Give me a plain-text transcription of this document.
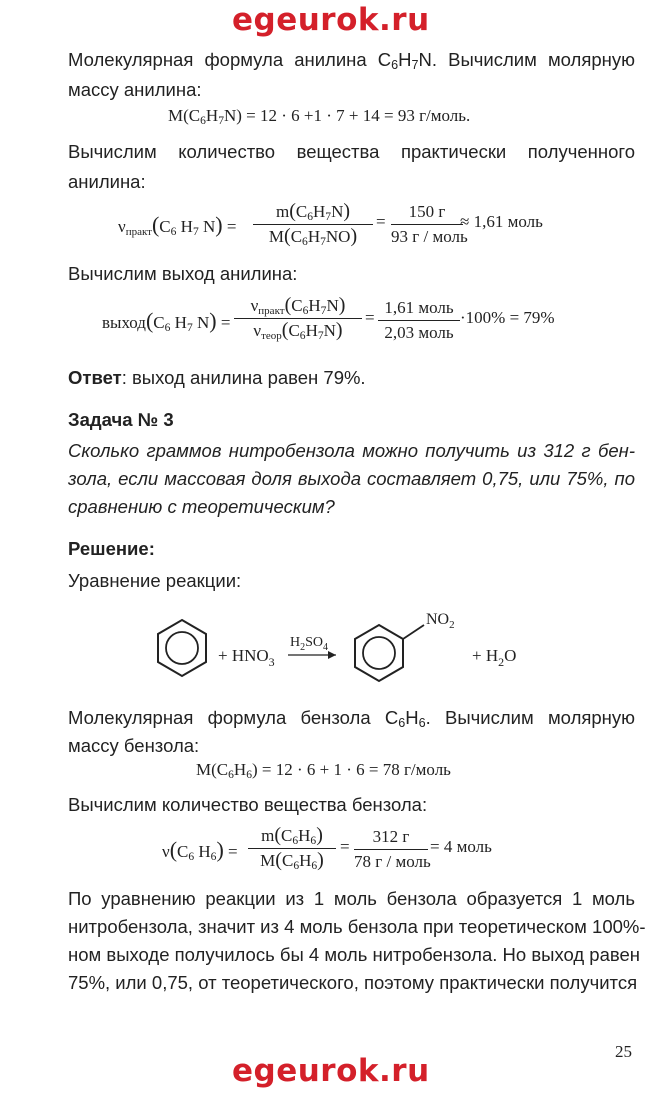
egeurok.ru
Молекулярная формула анилина $C_6H_7N$. Вычислим молярную
массу анилина:
$M(C_6H_7N) = 12 \cdot 6 +1 \cdot 7 + 14 = 93$ г/моль.
Вычислим количество вещества практически полученного
анилина:
$\nu_{практ}(C_6$ $H_7$ N) =
$m(C_6H_7N)$
$M(C_6H_7NO)$
=
150 г
93 г / моль
≈ 1,61 моль
Вычислим выход анилина:
$выход(C_6$ $H_7$ N) =
$\nu_{практ}(C_6H_7N)$
$\nu_{теор}(C_6H_7N)$
=
1,61 моль
2,03 моль
·100% = 79%
Ответ: выход анилина равен 79%.
Задача № 3
Сколько граммов нитробензола можно получить из 312 г бен-
зола, если массовая доля выхода составляет 0,75, или 75%, по
сравнению с теоретическим?
Решение:
Уравнение реакции:
+ $HNO_3$
$H_2SO_4$
$NO_2$
+ $H_2O$
Молекулярная формула бензола $C_6H_6$. Вычислим молярную
массу бензола:
$M(C_6H_6) = 12 \cdot 6 + 1 \cdot 6 = 78$ г/моль
Вычислим количество вещества бензола:
$\nu(C_6$ $H_6$) =
$m(C_6H_6)$
$M(C_6H_6)$
=
312 г
78 г / моль
= 4 моль
По уравнению реакции из 1 моль бензола образуется 1 моль
нитробензола, значит из 4 моль бензола при теоретическом 100%-
ном выходе получилось бы 4 моль нитробензола. Но выход равен
75%, или 0,75, от теоретического, поэтому практически получится
25
egeurok.ru
